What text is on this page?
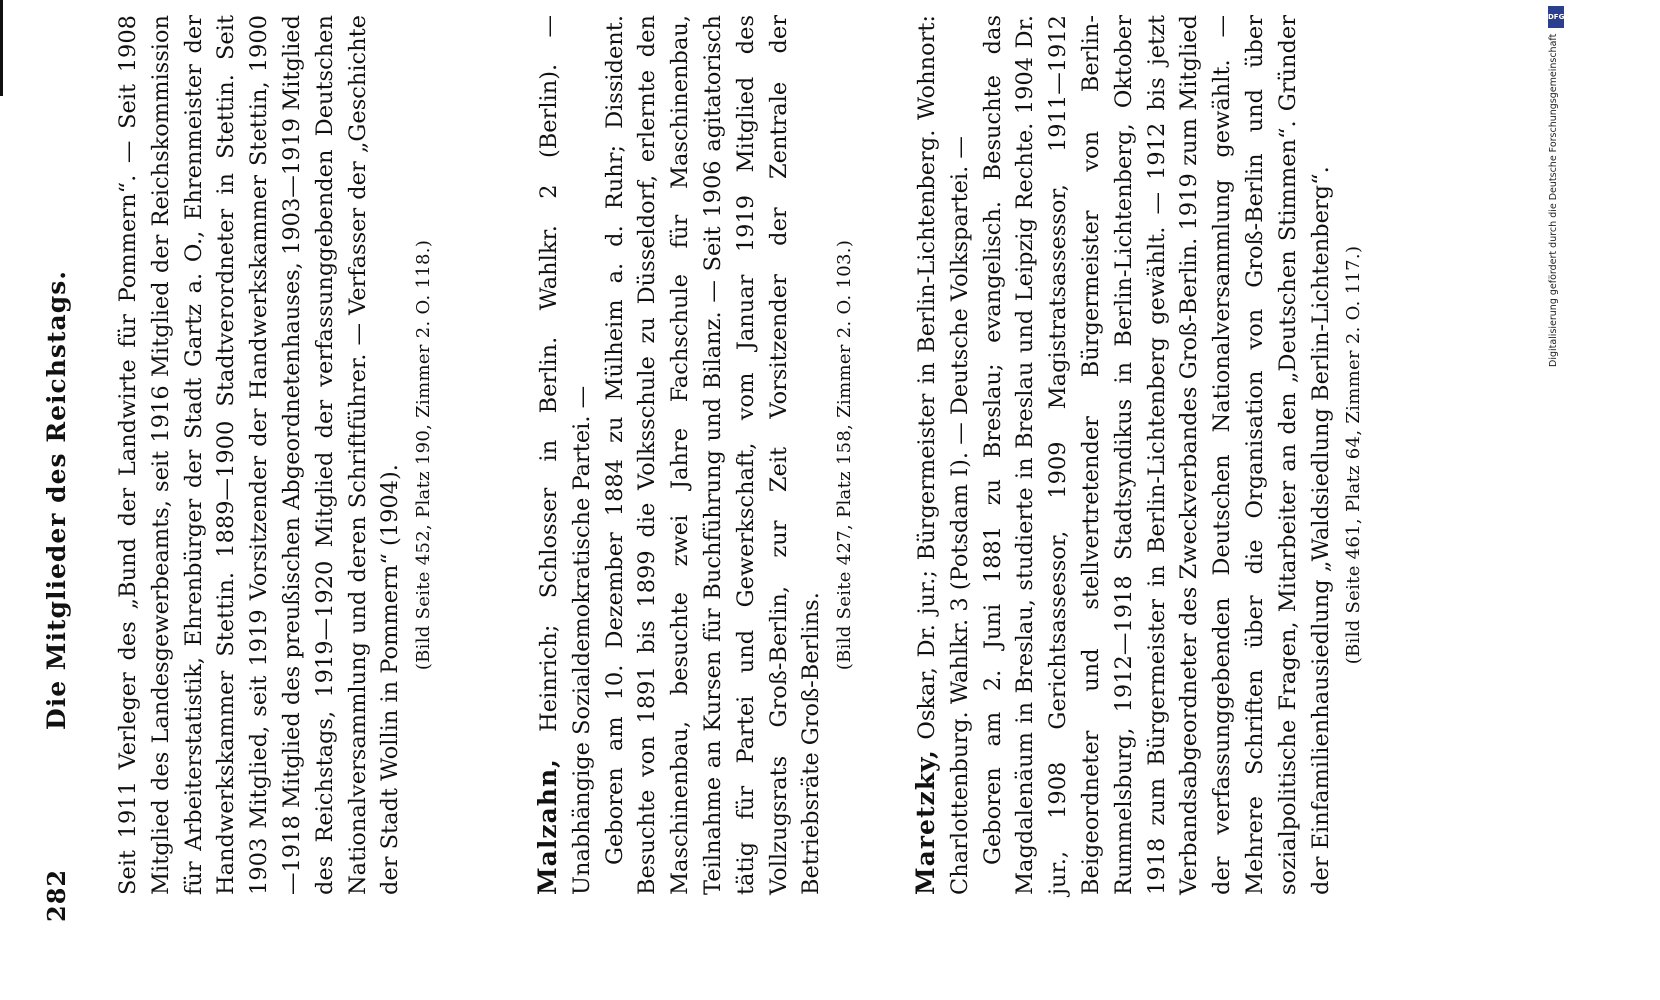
282
Die Mitglieder des Reichstags. Seit 1911 Verleger des „Bund der Landwirte für Pommern“. — Seit 1908 Mitglied des Landesgewerbeamts, seit 1916 Mitglied der Reichskommission für Arbeiterstatistik, Ehrenbürger der Stadt Gartz a. O., Ehrenmeister der Handwerkskammer Stettin. 1889—1900 Stadtverordneter in Stettin. Seit 1903 Mitglied, seit 1919 Vorsitzender der Handwerkskammer Stettin, 1900—1918 Mitglied des preußischen Abgeordnetenhauses, 1903—1919 Mitglied des Reichstags, 1919—1920 Mitglied der verfassunggebenden Deutschen Nationalversammlung und deren Schriftführer. — Verfasser der „Geschichte der Stadt Wollin in Pommern“ (1904).

(Bild Seite 452, Platz 190, Zimmer 2. O. 118.)

Malzahn, Heinrich; Schlosser in Berlin. Wahlkr. 2 (Berlin). — Unabhängige Sozialdemokratische Partei. — Geboren am 10. Dezember 1884 zu Mülheim a. d. Ruhr; Dissident. Besuchte von 1891 bis 1899 die Volksschule zu Düsseldorf, erlernte den Maschinenbau, besuchte zwei Jahre Fachschule für Maschinenbau, Teilnahme an Kursen für Buchführung und Bilanz. — Seit 1906 agitatorisch tätig für Partei und Gewerkschaft, vom Januar 1919 Mitglied des Vollzugsrats Groß-Berlin, zur Zeit Vorsitzender der Zentrale der Betriebsräte Groß-Berlins.

(Bild Seite 427, Platz 158, Zimmer 2. O. 103.)

Maretzky, Oskar, Dr. jur.; Bürgermeister in Berlin-Lichtenberg. Wohnort: Charlottenburg. Wahlkr. 3 (Potsdam I). — Deutsche Volkspartei. — Geboren am 2. Juni 1881 zu Breslau; evangelisch. Besuchte das Magdalenäum in Breslau, studierte in Breslau und Leipzig Rechte. 1904 Dr. jur., 1908 Gerichtsassessor, 1909 Magistratsassessor, 1911—1912 Beigeordneter und stellvertretender Bürgermeister von Berlin-Rummelsburg, 1912—1918 Stadtsyndikus in Berlin-Lichtenberg, Oktober 1918 zum Bürgermeister in Berlin-Lichtenberg gewählt. — 1912 bis jetzt Verbandsabgeordneter des Zweckverbandes Groß-Berlin. 1919 zum Mitglied der verfassunggebenden Deutschen Nationalversammlung gewählt. — Mehrere Schriften über die Organisation von Groß-Berlin und über sozialpolitische Fragen, Mitarbeiter an den „Deutschen Stimmen“. Gründer der Einfamilienhausiedlung „Waldsiedlung Berlin-Lichtenberg“. (Bild Seite 461, Platz 64, Zimmer 2. O. 117.)
DFG
Digitalisierung gefördert durch die Deutsche Forschungsgemeinschaft
